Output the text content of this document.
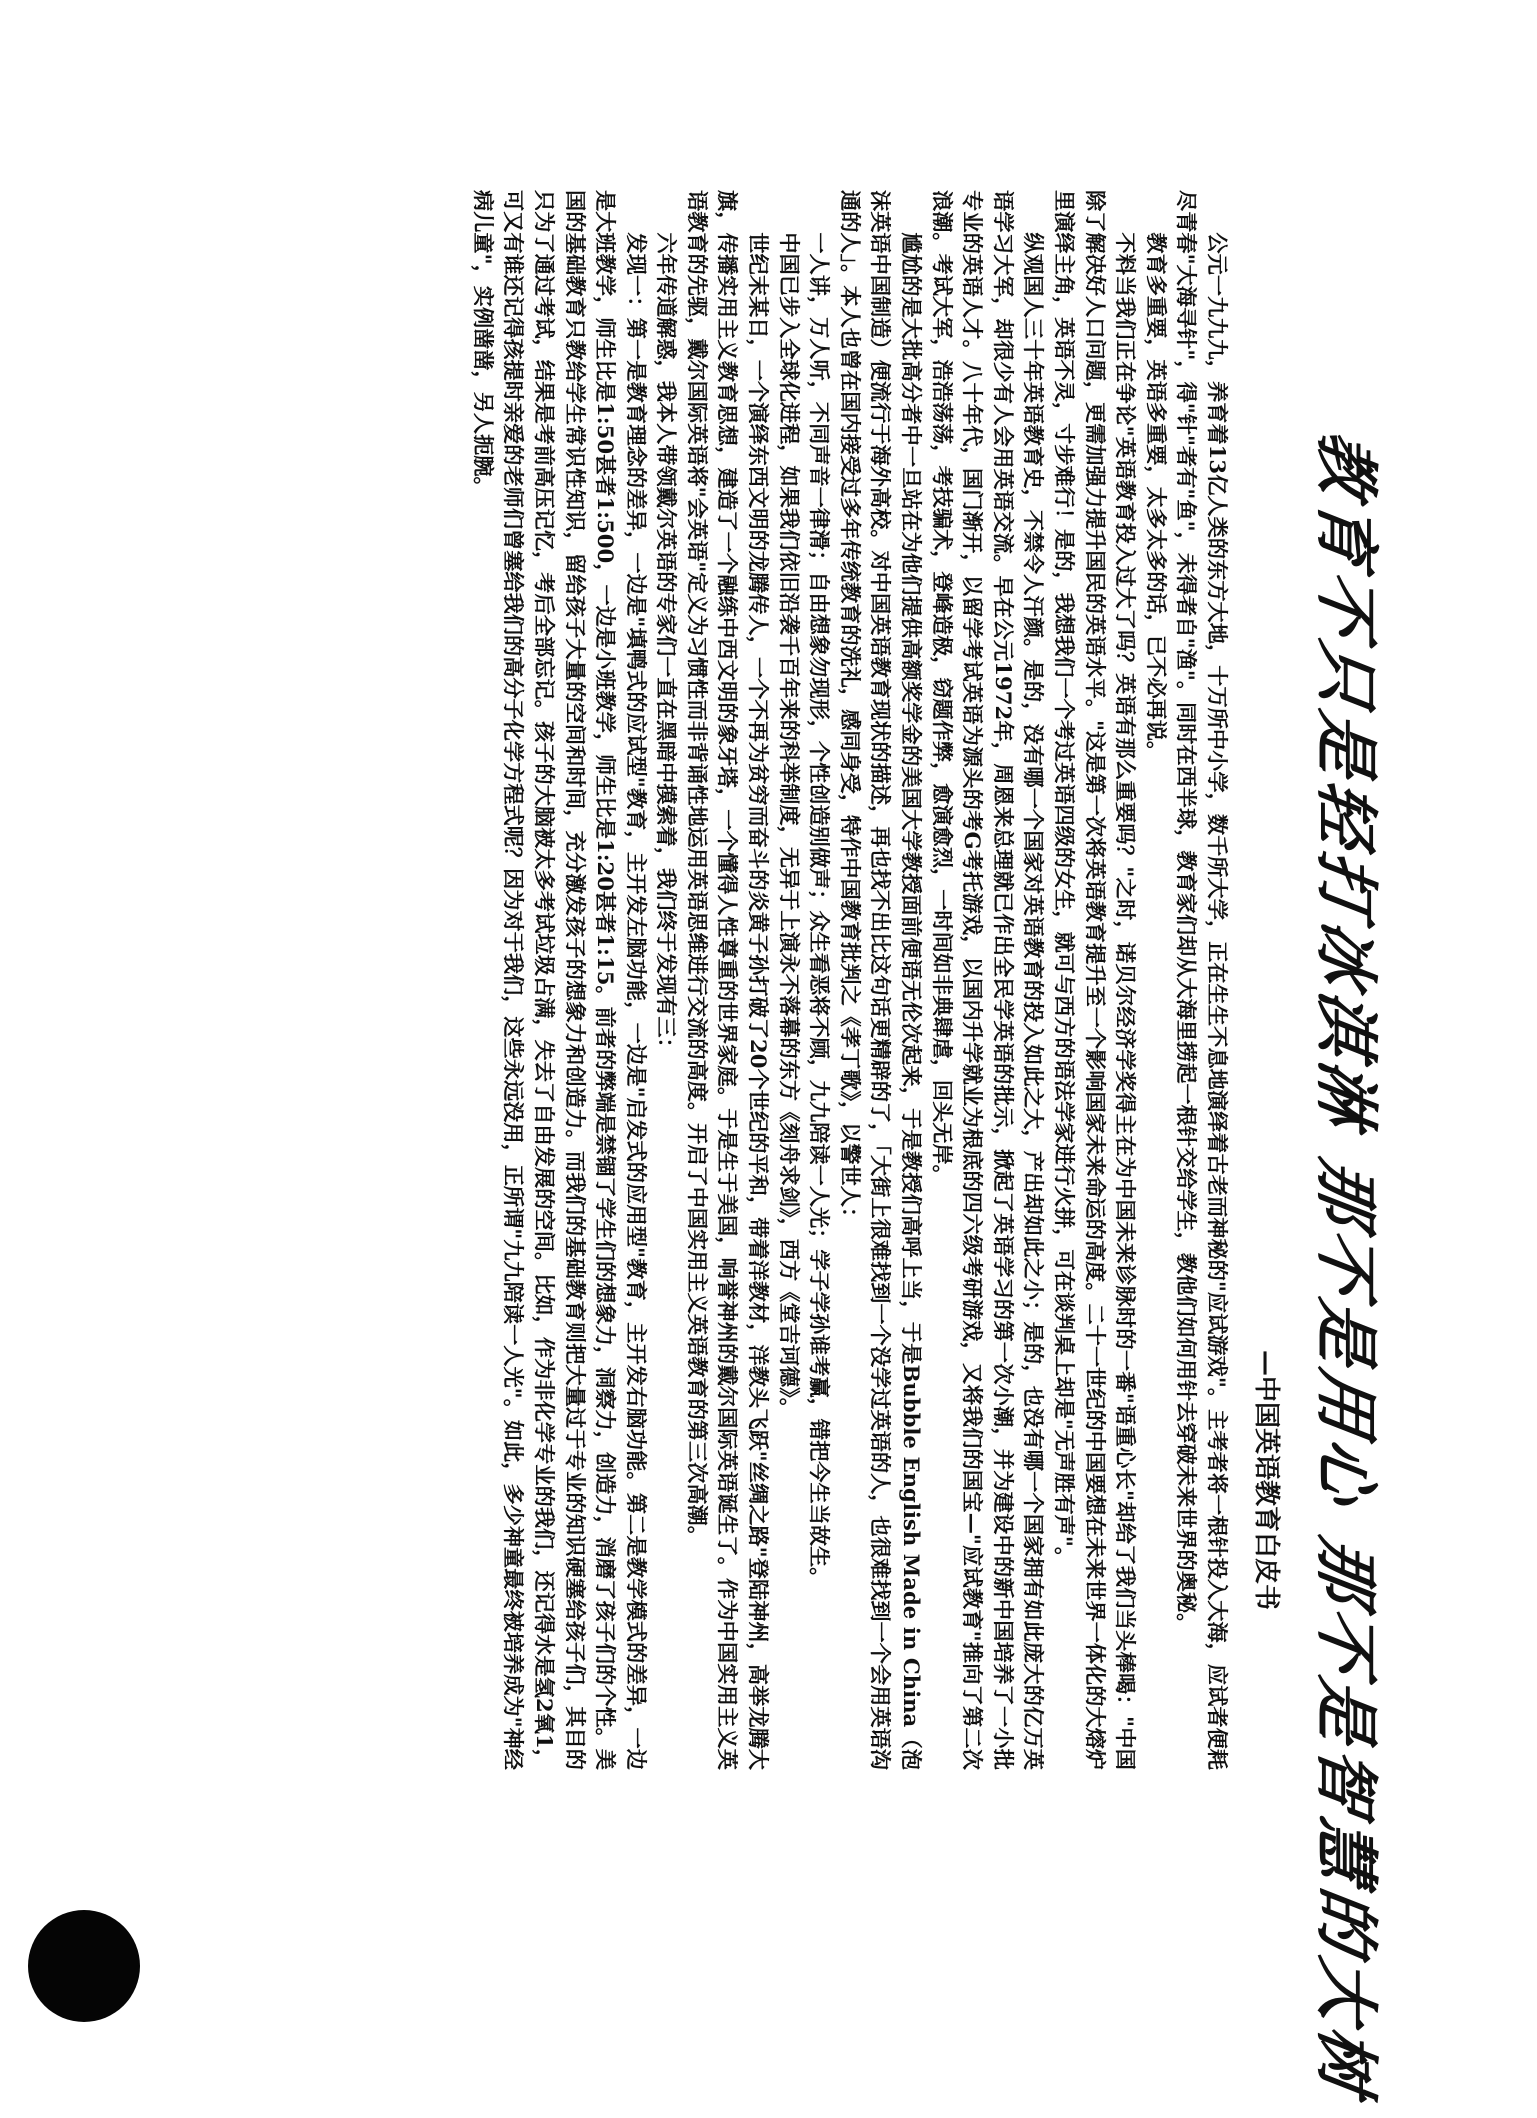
教育不只是轻打冰淇淋 那不是用心 那不是智慧的大树
—中国英语教育白皮书

公元一九九九，养育着13亿人类的东方大地，十万所中小学，数千所大学，正在生生不息地演绎着古老而神秘的"应试游戏"。主考者将一根针投入大海，应试者便耗尽青春"大海寻针"，得"针"者有"鱼"，未得者自"渔"。同时在西半球，教育家们却从大海里捞起一根针交给学生，教他们如何用针去穿破未来世界的奥秘。

教育多重要，英语多重要，太多太多的话，已不必再说。

不料当我们正在争论"英语教育投入过大了吗？英语有那么重要吗？"之时，诺贝尔经济学奖得主在为中国未来诊脉时的一番"语重心长"却给了我们当头棒喝："中国除了解决好人口问题，更需加强力提升国民的英语水平。"这是第一次将英语教育提升至一个影响国家未来命运的高度。二十一世纪的中国要想在未来世界一体化的大熔炉里演绎主角，英语不灵，寸步难行！是的，我想我们一个考过英语四级的女生，就可与西方的语法学家进行火拼，可在谈判桌上却是"无声胜有声"。

纵观国人三十年英语教育史，不禁令人汗颜。是的，没有哪一个国家对英语教育的投入如此之大，产出却如此之小；是的，也没有哪一个国家拥有如此庞大的亿万英语学习大军，却很少有人会用英语交流。早在公元1972年，周恩来总理就已作出全民学英语的批示，掀起了英语学习的第一次小潮，并为建设中的新中国培养了一小批专业的英语人才。八十年代，国门渐开，以留学考试英语为源头的考G考托游戏，以国内升学就业为根底的四六级考研游戏，又将我们的国宝—"应试教育"推向了第二次浪潮。考试大军，浩浩荡荡，考技骗术，登峰造极，窃题作弊，愈演愈烈，一时间如非典肆虐，回头无岸。

尴尬的是大批高分者中一旦站在为他们提供高额奖学金的美国大学教授面前便语无伦次起来，于是教授们高呼上当，于是Bubble English Made in China（泡沫英语中国制造）便流行于海外高校。对中国英语教育现状的描述，再也找不出比这句话更精辟的了，「大街上很难找到一个没学过英语的人，也很难找到一个会用英语沟通的人」。本人也曾在国内接受过多年传统教育的洗礼，感同身受，特作中国教育批判之《孝丁歌》，以警世人：

一人讲，万人听，不同声音一律滑；自由想象勿现形，个性创造别做声；众生看恶将不顾，九九陪读一人光；学子学孙谁考赢，错把今生当故生。

中国已步入全球化进程，如果我们依旧沿袭千百年来的科举制度，无异于上演永不落幕的东方《刻舟求剑》，西方《堂吉诃德》。

世纪末某日，一个演绎东西文明的龙腾传人，一个不再为贫穷而奋斗的炎黄子孙打破了20个世纪的平和，带着洋教材，洋教头飞跃"丝绸之路"登陆神州，高举龙腾大旗，传播实用主义教育思想，建造了一个融练中西文明的象牙塔，一个懂得人性尊重的世界家庭。于是生于美国，响誉神州的戴尔国际英语诞生了。作为中国实用主义英语教育的先驱，戴尔国际英语将"会英语"定义为习惯性而非背诵性地运用英语思维进行交流的高度。开启了中国实用主义英语教育的第三次高潮。

六年传道解惑，我本人带领戴尔英语的专家们一直在黑暗中摸索着，我们终于发现有三：

发现一：第一是教育理念的差异，一边是"填鸭式的应试型"教育，主开发左脑功能，一边是"启发式的应用型"教育，主开发右脑功能。第二是教学模式的差异，一边是大班教学，师生比是1:50甚者1:500，一边是小班教学，师生比是1:20甚者1:15。前者的弊端是禁锢了学生们的想象力，洞察力，创造力，消磨了孩子们的个性。美国的基础教育只教给学生常识性知识，留给孩子大量的空间和时间，充分激发孩子的想象力和创造力。而我们的基础教育则把大量过于专业的知识硬塞给孩子们，其目的只为了通过考试，结果是考前高压记忆，考后全部忘记。孩子的大脑被太多考试垃圾占满，失去了自由发展的空间。比如，作为非化学专业的我们，还记得水是氢2氧1，可又有谁还记得孩提时亲爱的老师们曾塞给我们的高分子化学方程式呢？因为对于我们，这些永远没用，正所谓"九九陪读一人光"。如此，多少神童最终被培养成为"神经病儿童"，实例凿凿，另人扼腕。
